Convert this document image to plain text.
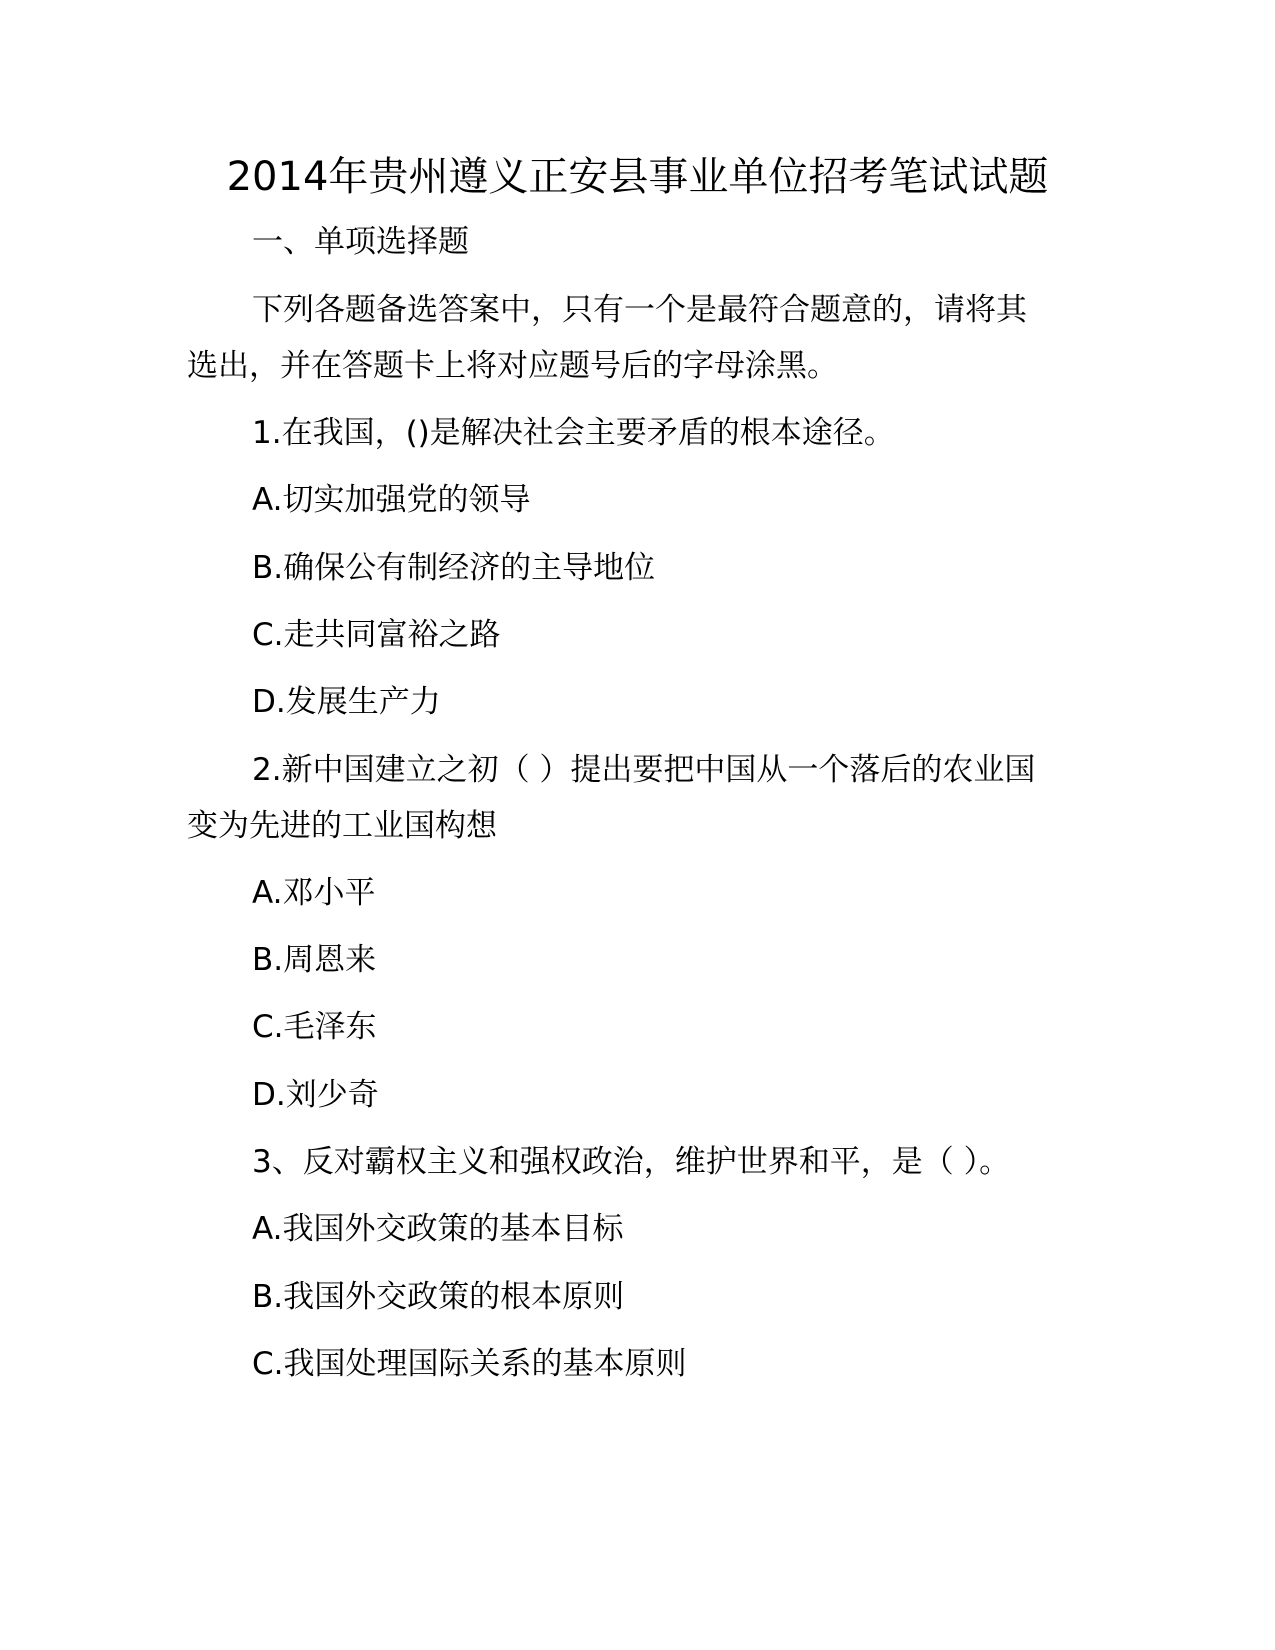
2014年贵州遵义正安县事业单位招考笔试试题
一、单项选择题
下列各题备选答案中，只有一个是最符合题意的，请将其
选出，并在答题卡上将对应题号后的字母涂黑。
1.在我国，()是解决社会主要矛盾的根本途径。
A.切实加强党的领导
B.确保公有制经济的主导地位
C.走共同富裕之路
D.发展生产力
2.新中国建立之初（ ）提出要把中国从一个落后的农业国
变为先进的工业国构想
A.邓小平
B.周恩来
C.毛泽东
D.刘少奇
3、反对霸权主义和强权政治，维护世界和平，是（ ）。
A.我国外交政策的基本目标
B.我国外交政策的根本原则
C.我国处理国际关系的基本原则
